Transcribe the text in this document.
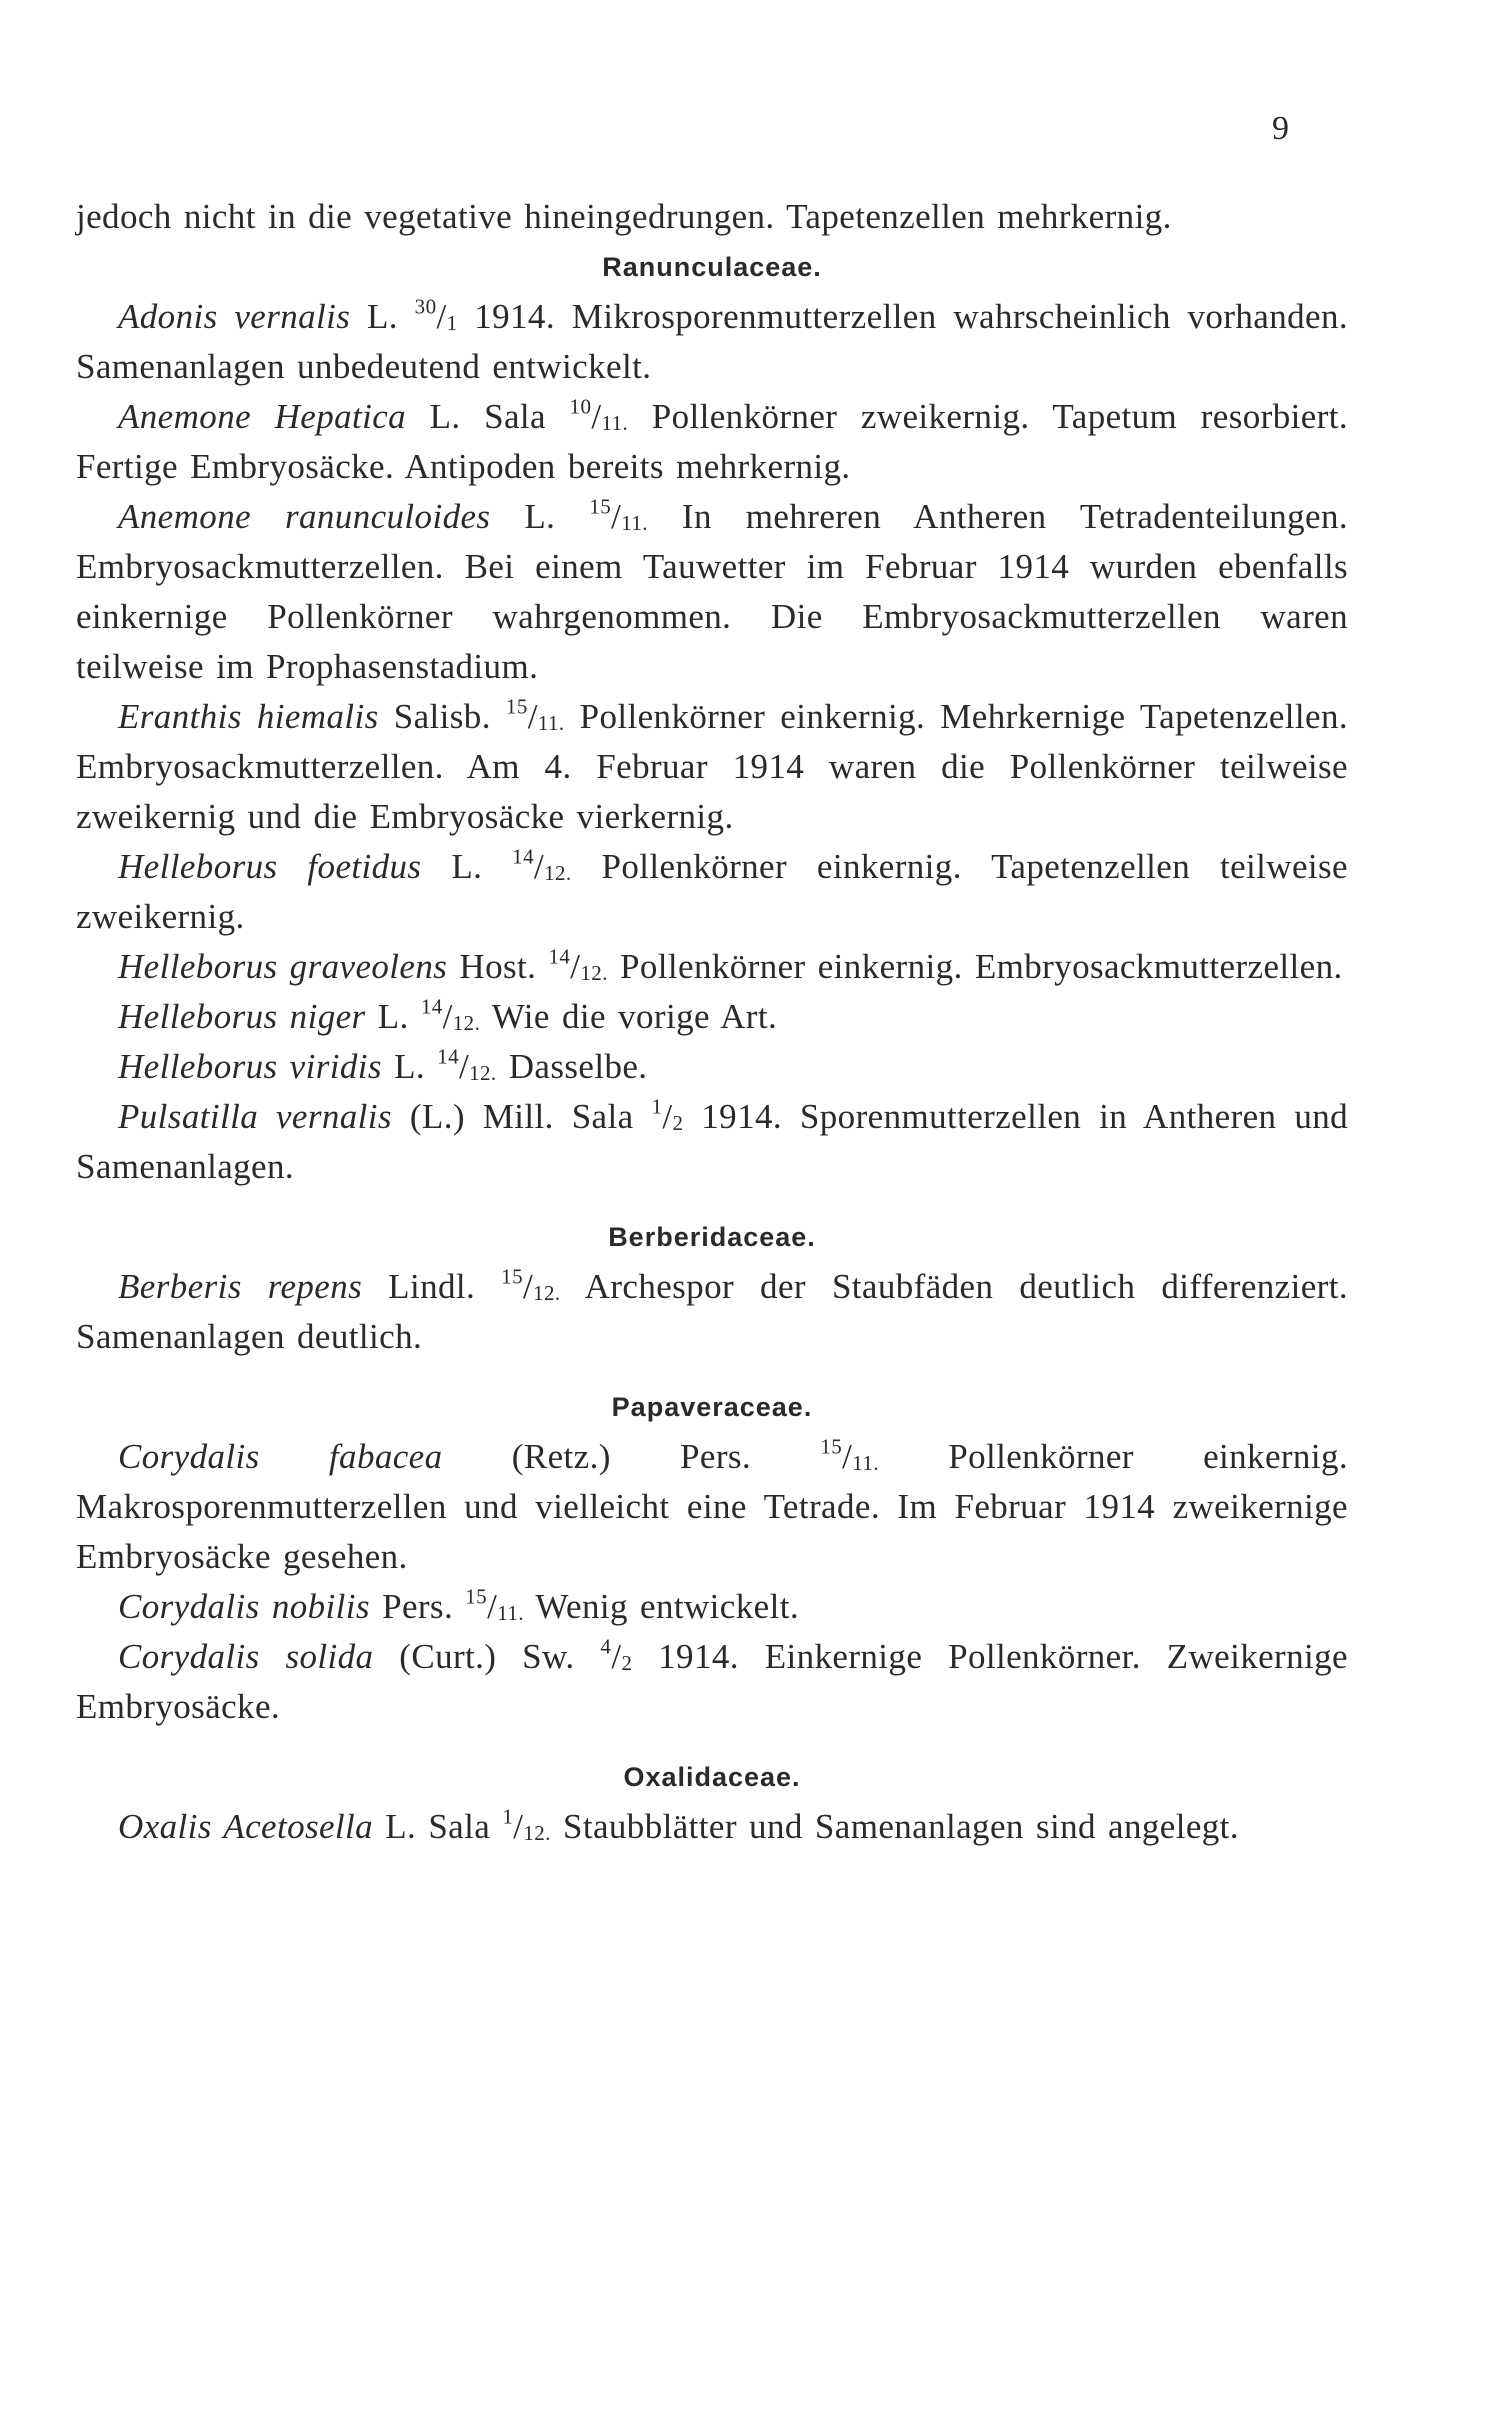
9

jedoch nicht in die vegetative hineingedrungen. Tapetenzellen mehrkernig.

Ranunculaceae.

Adonis vernalis L. $^{30}/_1$ 1914. Mikrosporenmutterzellen wahrscheinlich vorhanden. Samenanlagen unbedeutend entwickelt.

Anemone Hepatica L. Sala $^{10}/_{11.}$ Pollenkörner zweikernig. Tapetum resorbiert. Fertige Embryosäcke. Antipoden bereits mehrkernig.

Anemone ranunculoides L. $^{15}/_{11.}$ In mehreren Antheren Tetradenteilungen. Embryosackmutterzellen. Bei einem Tauwetter im Februar 1914 wurden ebenfalls einkernige Pollenkörner wahrgenommen. Die Embryosackmutterzellen waren teilweise im Prophasenstadium.

Eranthis hiemalis Salisb. $^{15}/_{11.}$ Pollenkörner einkernig. Mehrkernige Tapetenzellen. Embryosackmutterzellen. Am 4. Februar 1914 waren die Pollenkörner teilweise zweikernig und die Embryosäcke vierkernig.

Helleborus foetidus L. $^{14}/_{12.}$ Pollenkörner einkernig. Tapetenzellen teilweise zweikernig.

Helleborus graveolens Host. $^{14}/_{12.}$ Pollenkörner einkernig. Embryosackmutterzellen.

Helleborus niger L. $^{14}/_{12.}$ Wie die vorige Art.

Helleborus viridis L. $^{14}/_{12.}$ Dasselbe.

Pulsatilla vernalis (L.) Mill. Sala $^1/_2$ 1914. Sporenmutterzellen in Antheren und Samenanlagen.

Berberidaceae.

Berberis repens Lindl. $^{15}/_{12.}$ Archespor der Staubfäden deutlich differenziert. Samenanlagen deutlich.

Papaveraceae.

Corydalis fabacea (Retz.) Pers.	$^{15}/_{11.}$ Pollenkörner einkernig. Makrosporenmutterzellen und vielleicht eine Tetrade. Im Februar 1914 zweikernige Embryosäcke gesehen.

Corydalis nobilis Pers. $^{15}/_{11.}$ Wenig entwickelt.

Corydalis solida (Curt.) Sw. $^4/_2$ 1914. Einkernige Pollenkörner. Zweikernige Embryosäcke.

Oxalidaceae.

Oxalis Acetosella L. Sala $^1/_{12.}$ Staubblätter und Samenanlagen sind angelegt.
